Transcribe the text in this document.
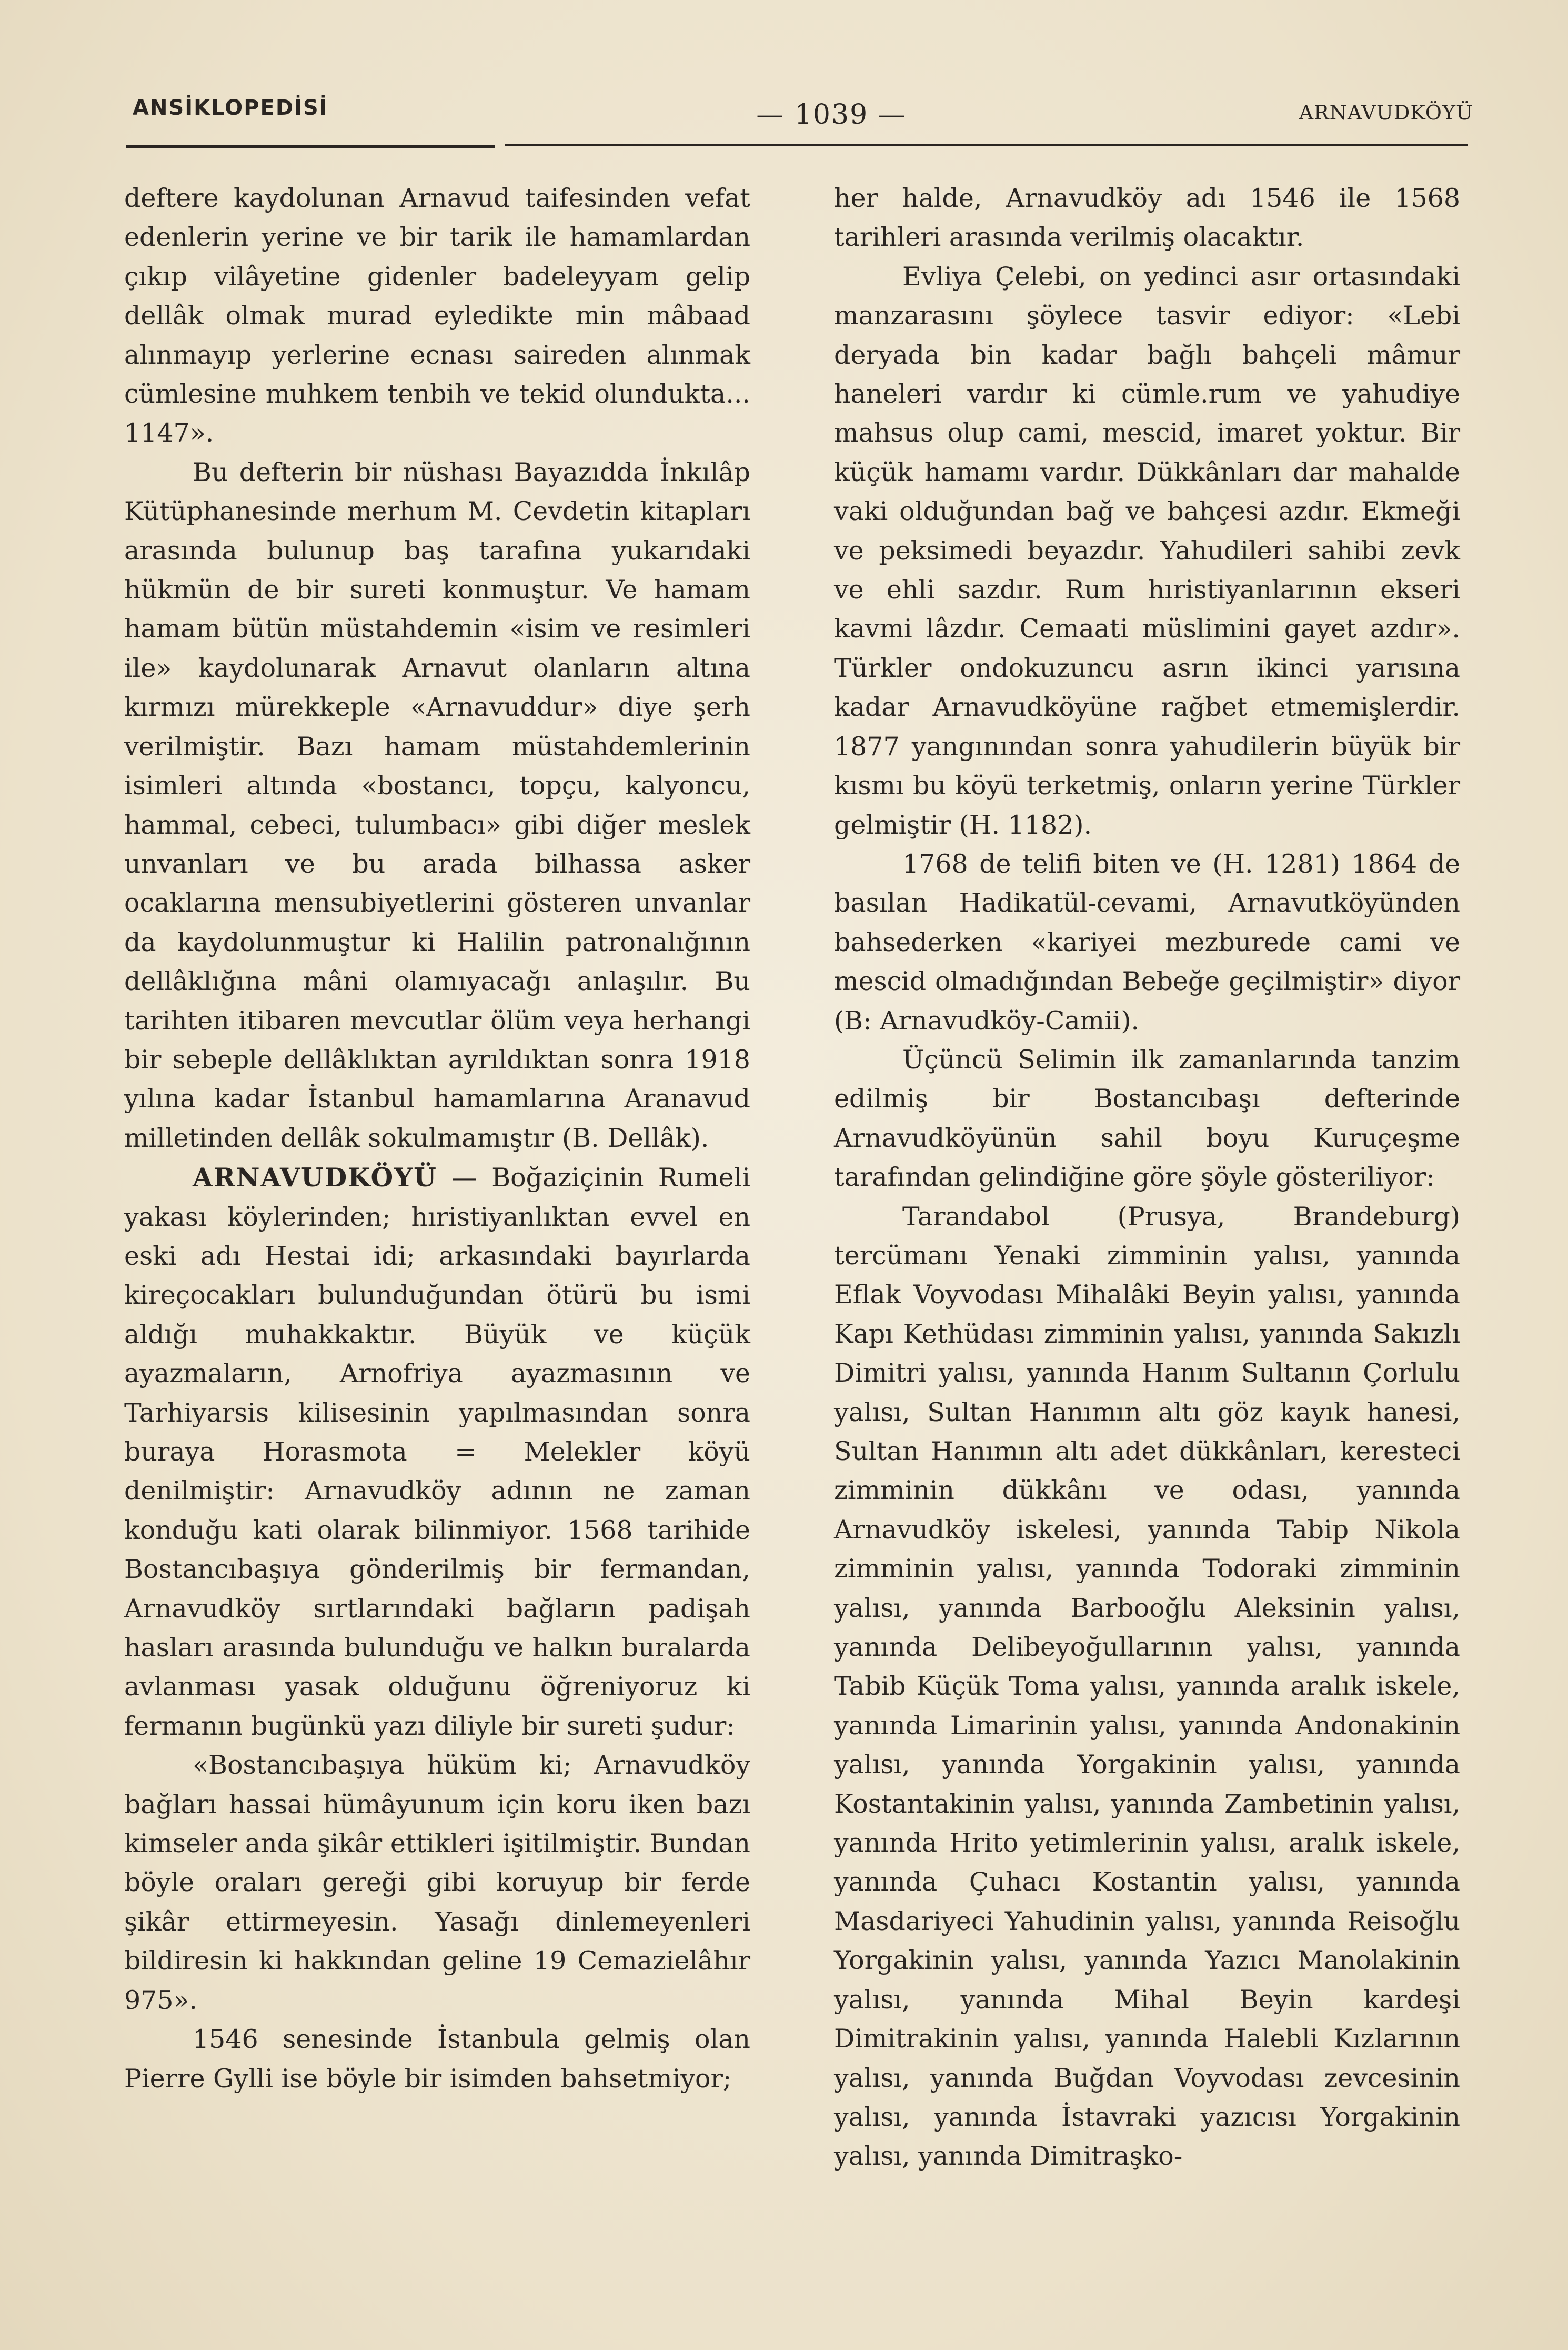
ANSİKLOPEDİSİ	— 1039 —	ARNAVUDKÖYÜ

deftere kaydolunan Arnavud taifesinden vefat edenlerin yerine ve bir tarik ile hamamlardan çıkıp vilâyetine gidenler badeleyyam gelip dellâk olmak murad eyledikte min mâbaad alınmayıp yerlerine ecnası saireden alınmak cümlesine muhkem tenbih ve tekid olundukta... 1147».

Bu defterin bir nüshası Bayazıdda İnkılâp Kütüphanesinde merhum M. Cevdetin kitapları arasında bulunup baş tarafına yukarıdaki hükmün de bir sureti konmuştur. Ve hamam hamam bütün müstahdemin «isim ve resimleri ile» kaydolunarak Arnavut olanların altına kırmızı mürekkeple «Arnavuddur» diye şerh verilmiştir. Bazı hamam müstahdemlerinin isimleri altında «bostancı, topçu, kalyoncu, hammal, cebeci, tulumbacı» gibi diğer meslek unvanları ve bu arada bilhassa asker ocaklarına mensubiyetlerini gösteren unvanlar da kaydolunmuştur ki Halilin patronalığının dellâklığına mâni olamıyacağı anlaşılır. Bu tarihten itibaren mevcutlar ölüm veya herhangi bir sebeple dellâklıktan ayrıldıktan sonra 1918 yılına kadar İstanbul hamamlarına Aranavud milletinden dellâk sokulmamıştır (B. Dellâk).

ARNAVUDKÖYÜ — Boğaziçinin Rumeli yakası köylerinden; hıristiyanlıktan evvel en eski adı Hestai idi; arkasındaki bayırlarda kireçocakları bulunduğundan ötürü bu ismi aldığı muhakkaktır. Büyük ve küçük ayazmaların, Arnofriya ayazmasının ve Tarhiyarsis kilisesinin yapılmasından sonra buraya Horasmota = Melekler köyü denilmiştir: Arnavudköy adının ne zaman konduğu kati olarak bilinmiyor. 1568 tarihide Bostancıbaşıya gönderilmiş bir fermandan, Arnavudköy sırtlarındaki bağların padişah hasları arasında bulunduğu ve halkın buralarda avlanması yasak olduğunu öğreniyoruz ki fermanın bugünkü yazı diliyle bir sureti şudur:

«Bostancıbaşıya hüküm ki; Arnavudköy bağları hassai hümâyunum için koru iken bazı kimseler anda şikâr ettikleri işitilmiştir. Bundan böyle oraları gereği gibi koruyup bir ferde şikâr ettirmeyesin. Yasağı dinlemeyenleri bildiresin ki hakkından geline 19 Cemazielâhır 975».

1546 senesinde İstanbula gelmiş olan Pierre Gylli ise böyle bir isimden bahsetmiyor;

her halde, Arnavudköy adı 1546 ile 1568 tarihleri arasında verilmiş olacaktır.

Evliya Çelebi, on yedinci asır ortasındaki manzarasını şöylece tasvir ediyor: «Lebi deryada bin kadar bağlı bahçeli mâmur haneleri vardır ki cümle.rum ve yahudiye mahsus olup cami, mescid, imaret yoktur. Bir küçük hamamı vardır. Dükkânları dar mahalde vaki olduğundan bağ ve bahçesi azdır. Ekmeği ve peksimedi beyazdır. Yahudileri sahibi zevk ve ehli sazdır. Rum hıristiyanlarının ekseri kavmi lâzdır. Cemaati müslimini gayet azdır». Türkler ondokuzuncu asrın ikinci yarısına kadar Arnavudköyüne rağbet etmemişlerdir. 1877 yangınından sonra yahudilerin büyük bir kısmı bu köyü terketmiş, onların yerine Türkler gelmiştir (H. 1182).

1768 de telifi biten ve (H. 1281) 1864 de basılan Hadikatül-cevami, Arnavutköyünden bahsederken «kariyei mezburede cami ve mescid olmadığından Bebeğe geçilmiştir» diyor (B: Arnavudköy-Camii).

Üçüncü Selimin ilk zamanlarında tanzim edilmiş bir Bostancıbaşı defterinde Arnavudköyünün sahil boyu Kuruçeşme tarafından gelindiğine göre şöyle gösteriliyor:

Tarandabol (Prusya, Brandeburg) tercümanı Yenaki zimminin yalısı, yanında Eflak Voyvodası Mihalâki Beyin yalısı, yanında Kapı Kethüdası zimminin yalısı, yanında Sakızlı Dimitri yalısı, yanında Hanım Sultanın Çorlulu yalısı, Sultan Hanımın altı göz kayık hanesi, Sultan Hanımın altı adet dükkânları, keresteci zimminin dükkânı ve odası, yanında Arnavudköy iskelesi, yanında Tabip Nikola zimminin yalısı, yanında Todoraki zimminin yalısı, yanında Barbooğlu Aleksinin yalısı, yanında Delibeyoğullarının yalısı, yanında Tabib Küçük Toma yalısı, yanında aralık iskele, yanında Limarinin yalısı, yanında Andonakinin yalısı, yanında Yorgakinin yalısı, yanında Kostantakinin yalısı, yanında Zambetinin yalısı, yanında Hrito yetimlerinin yalısı, aralık iskele, yanında Çuhacı Kostantin yalısı, yanında Masdariyeci Yahudinin yalısı, yanında Reisoğlu Yorgakinin yalısı, yanında Yazıcı Manolakinin yalısı, yanında Mihal Beyin kardeşi Dimitrakinin yalısı, yanında Halebli Kızlarının yalısı, yanında Buğdan Voyvodası zevcesinin yalısı, yanında İstavraki yazıcısı Yorgakinin yalısı, yanında Dimitraşko-
